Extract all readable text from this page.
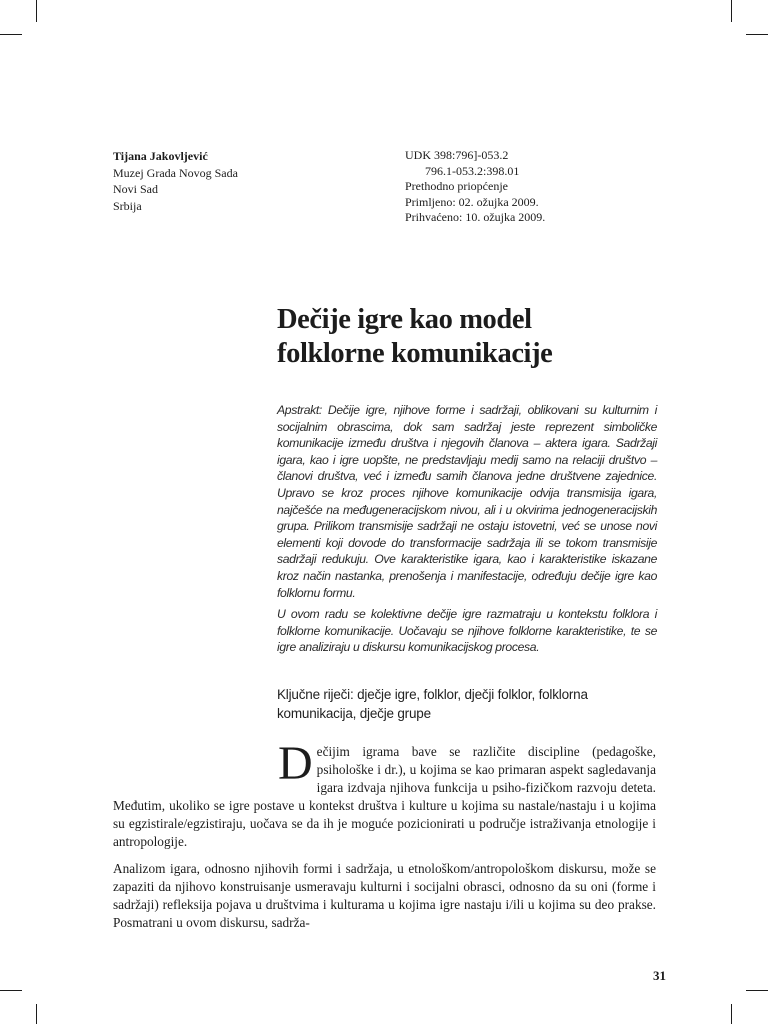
Tijana Jakovljević
Muzej Grada Novog Sada
Novi Sad
Srbija
UDK 398:796]-053.2
796.1-053.2:398.01
Prethodno priopćenje
Primljeno: 02. ožujka 2009.
Prihvaćeno: 10. ožujka 2009.
Dečije igre kao model
folklorne komunikacije

Apstrakt: Dečije igre, njihove forme i sadržaji, oblikovani su kulturnim i socijalnim obrascima, dok sam sadržaj jeste reprezent simboličke komunikacije između društva i njegovih članova – aktera igara. Sadržaji igara, kao i igre uopšte, ne predstavljaju medij samo na relaciji društvo – članovi društva, već i između samih članova jedne društvene zajednice. Upravo se kroz proces njihove komunikacije odvija transmisija igara, najčešće na međugeneracijskom nivou, ali i u okvirima jednogeneracijskih grupa. Prilikom transmisije sadržaji ne ostaju istovetni, već se unose novi elementi koji dovode do transformacije sadržaja ili se tokom transmisije sadržaji redukuju. Ove karakteristike igara, kao i karakteristike iskazane kroz način nastanka, prenošenja i manifestacije, određuju dečije igre kao folklornu formu.

U ovom radu se kolektivne dečije igre razmatraju u kontekstu folklora i folklorne komunikacije. Uočavaju se njihove folklorne karakteristike, te se igre analiziraju u diskursu komunikacijskog procesa.

Ključne riječi: dječje igre, folklor, dječji folklor, folklorna komunikacija, dječje grupe

Dečijim igrama bave se različite discipline (pedagoške, psihološke i dr.), u kojima se kao primaran aspekt sagledavanja igara izdvaja njihova funkcija u psiho-fizičkom razvoju deteta. Međutim, ukoliko se igre postave u kontekst društva i kulture u kojima su nastale/nastaju i u kojima su egzistirale/egzistiraju, uočava se da ih je moguće pozicionirati u područje istraživanja etnologije i antropologije.

Analizom igara, odnosno njihovih formi i sadržaja, u etnološkom/antropološkom diskursu, može se zapaziti da njihovo konstruisanje usmeravaju kulturni i socijalni obrasci, odnosno da su oni (forme i sadržaji) refleksija pojava u društvima i kulturama u kojima igre nastaju i/ili u kojima su deo prakse. Posmatrani u ovom diskursu, sadrža-

31
